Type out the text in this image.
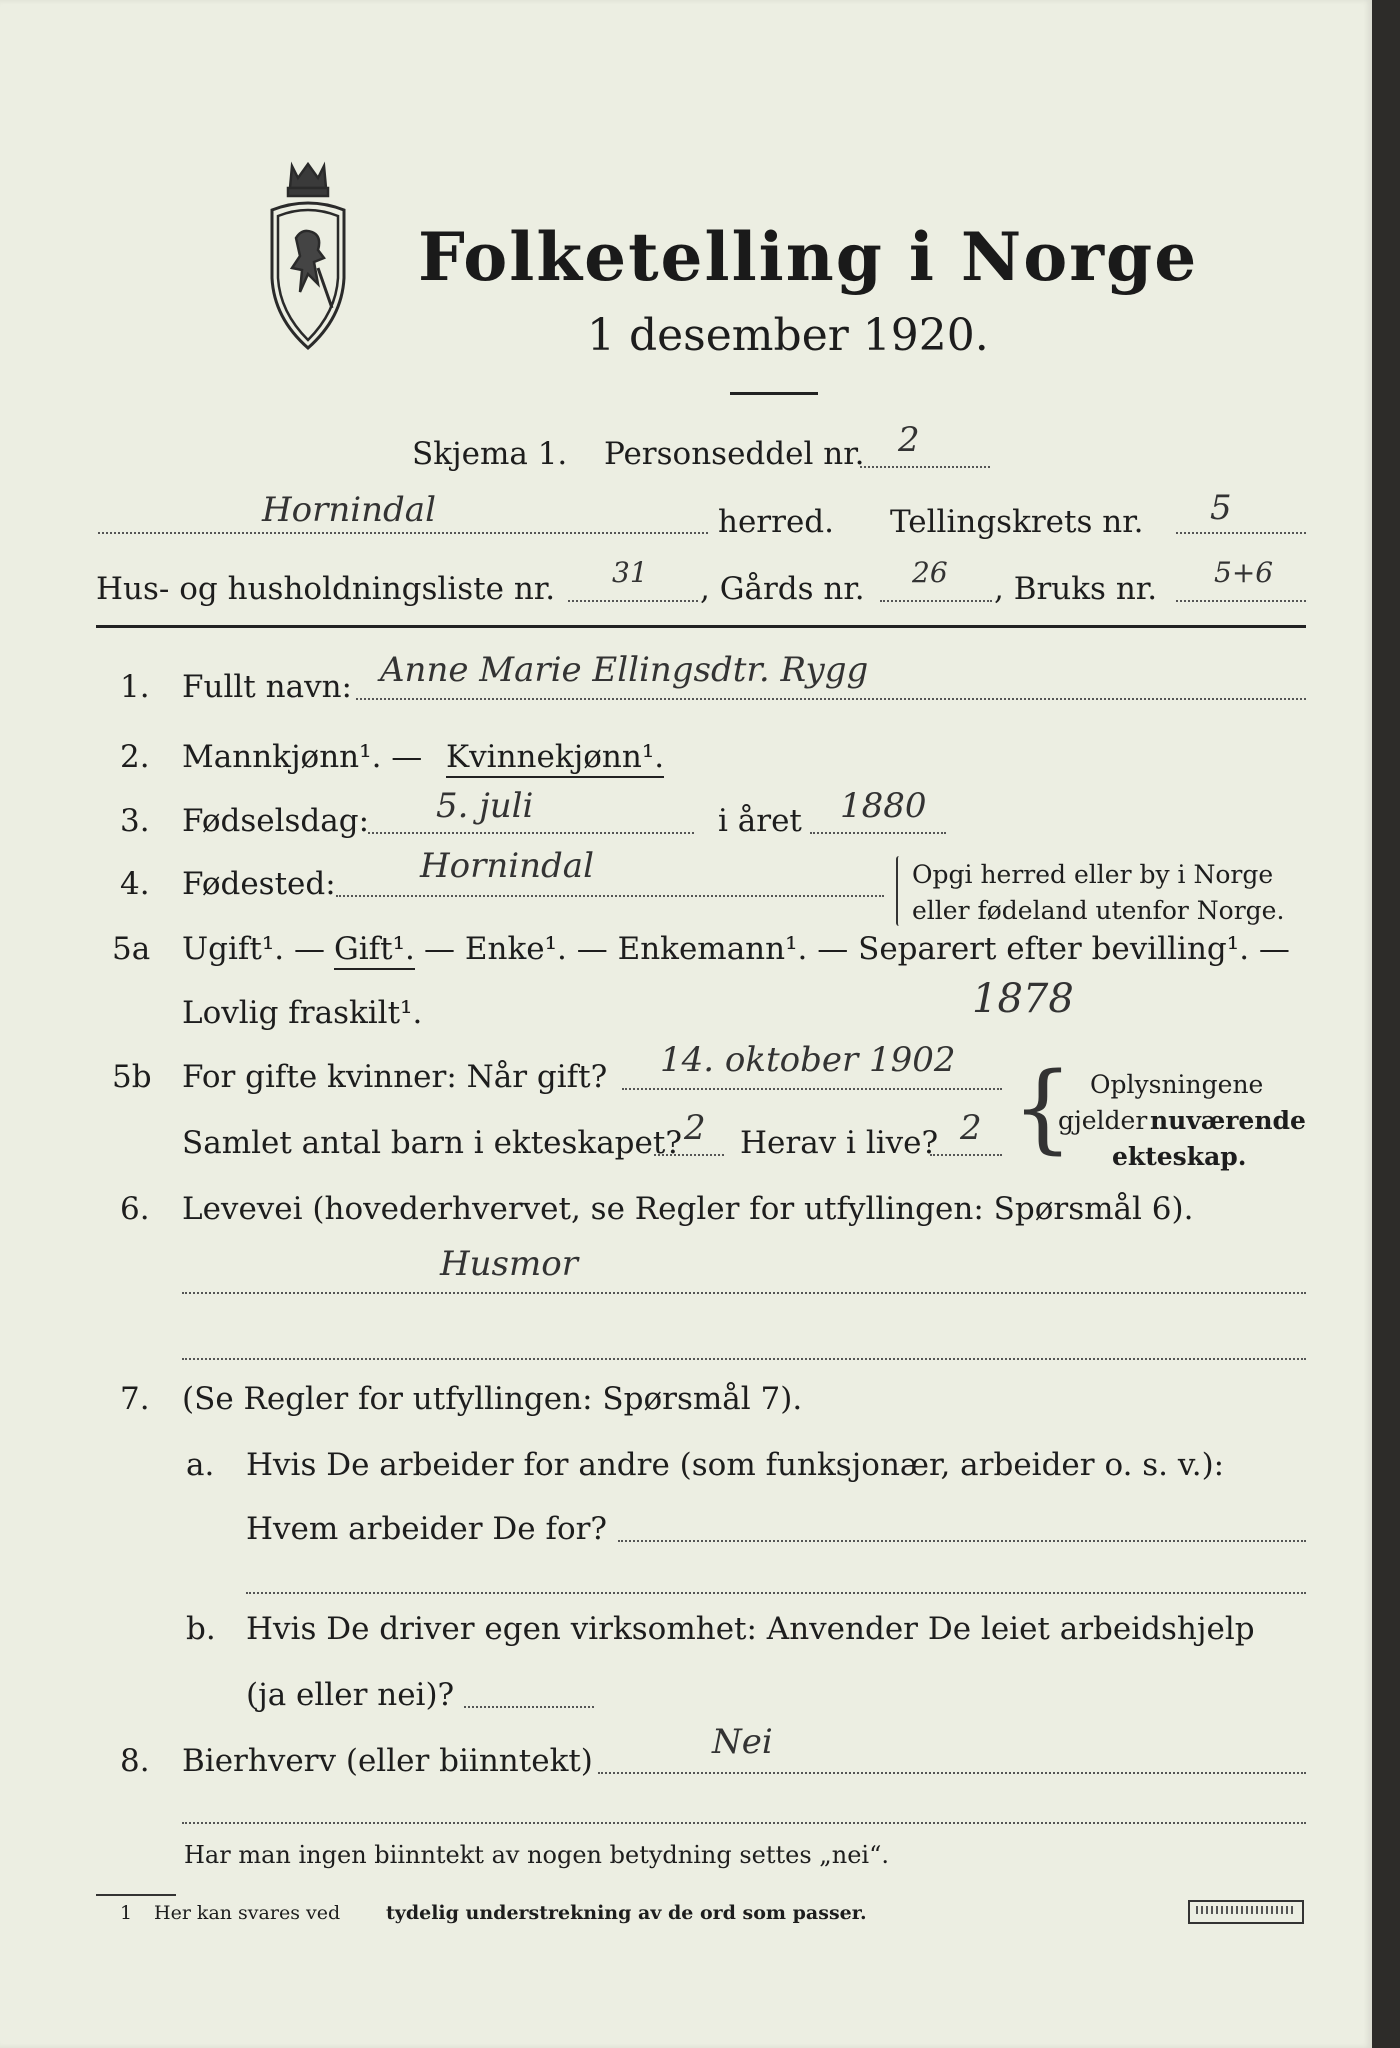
Folketelling i Norge
1 desember 1920.
Skjema 1. Personseddel nr. 2
Hornindal	herred. Tellingskrets nr. 5
Hus- og husholdningsliste nr. 31 , Gårds nr. 26 , Bruks nr. 5+6
1. Fullt navn: Anne Marie Ellingsdtr. Rygg
2. Mannkjønn¹. — Kvinnekjønn¹.
3. Fødselsdag: 5. juli	i året 1880
4. Fødested: Hornindal	Opgi herred eller by i Norge
eller fødeland utenfor Norge.
5a Ugift¹. — Gift¹. — Enke¹. — Enkemann¹. — Separert efter bevilling¹. —
Lovlig fraskilt¹.	1878
5b For gifte kvinner: Når gift? 14. oktober 1902
Samlet antal barn i ekteskapet? 2 Herav i live? 2 { Oplysningene
gjelder nuværende
ekteskap.
6. Levevei (hovederhvervet, se Regler for utfyllingen: Spørsmål 6).
Husmor
7. (Se Regler for utfyllingen: Spørsmål 7).
a. Hvis De arbeider for andre (som funksjonær, arbeider o. s. v.):
Hvem arbeider De for?
b. Hvis De driver egen virksomhet: Anvender De leiet arbeidshjelp
(ja eller nei)?
8. Bierhverv (eller biinntekt)	Nei
Har man ingen biinntekt av nogen betydning settes „nei“.
1 Her kan svares ved tydelig understrekning av de ord som passer.
